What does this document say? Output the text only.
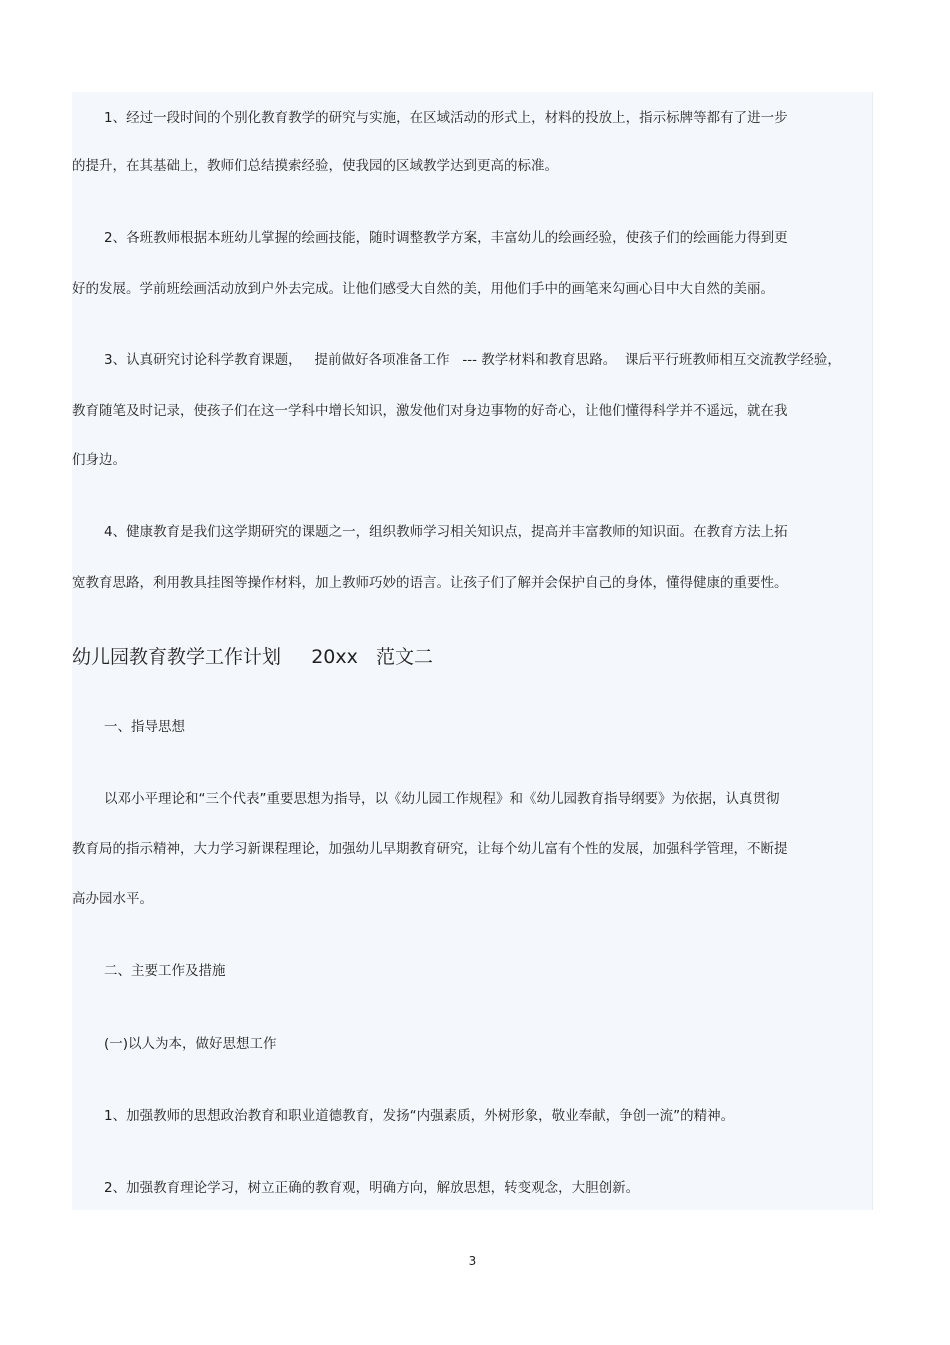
1、经过一段时间的个别化教育教学的研究与实施，在区域活动的形式上，材料的投放上，指示标牌等都有了进一步
的提升，在其基础上，教师们总结摸索经验，使我园的区域教学达到更高的标准。
2、各班教师根据本班幼儿掌握的绘画技能，随时调整教学方案，丰富幼儿的绘画经验，使孩子们的绘画能力得到更
好的发展。学前班绘画活动放到户外去完成。让他们感受大自然的美，用他们手中的画笔来勾画心目中大自然的美丽。
3、认真研究讨论科学教育课题，   提前做好各项准备工作   --- 教学材料和教育思路。  课后平行班教师相互交流教学经验，
教育随笔及时记录，使孩子们在这一学科中增长知识，激发他们对身边事物的好奇心，让他们懂得科学并不遥远，就在我
们身边。
4、健康教育是我们这学期研究的课题之一，组织教师学习相关知识点，提高并丰富教师的知识面。在教育方法上拓
宽教育思路，利用教具挂图等操作材料，加上教师巧妙的语言。让孩子们了解并会保护自己的身体，懂得健康的重要性。
幼儿园教育教学工作计划     20xx   范文二
一、指导思想
以邓小平理论和“三个代表”重要思想为指导，以《幼儿园工作规程》和《幼儿园教育指导纲要》为依据，认真贯彻
教育局的指示精神，大力学习新课程理论，加强幼儿早期教育研究，让每个幼儿富有个性的发展，加强科学管理，不断提
高办园水平。
二、主要工作及措施
(一)以人为本，做好思想工作
1、加强教师的思想政治教育和职业道德教育，发扬“内强素质，外树形象，敬业奉献，争创一流”的精神。
2、加强教育理论学习，树立正确的教育观，明确方向，解放思想，转变观念，大胆创新。
3
